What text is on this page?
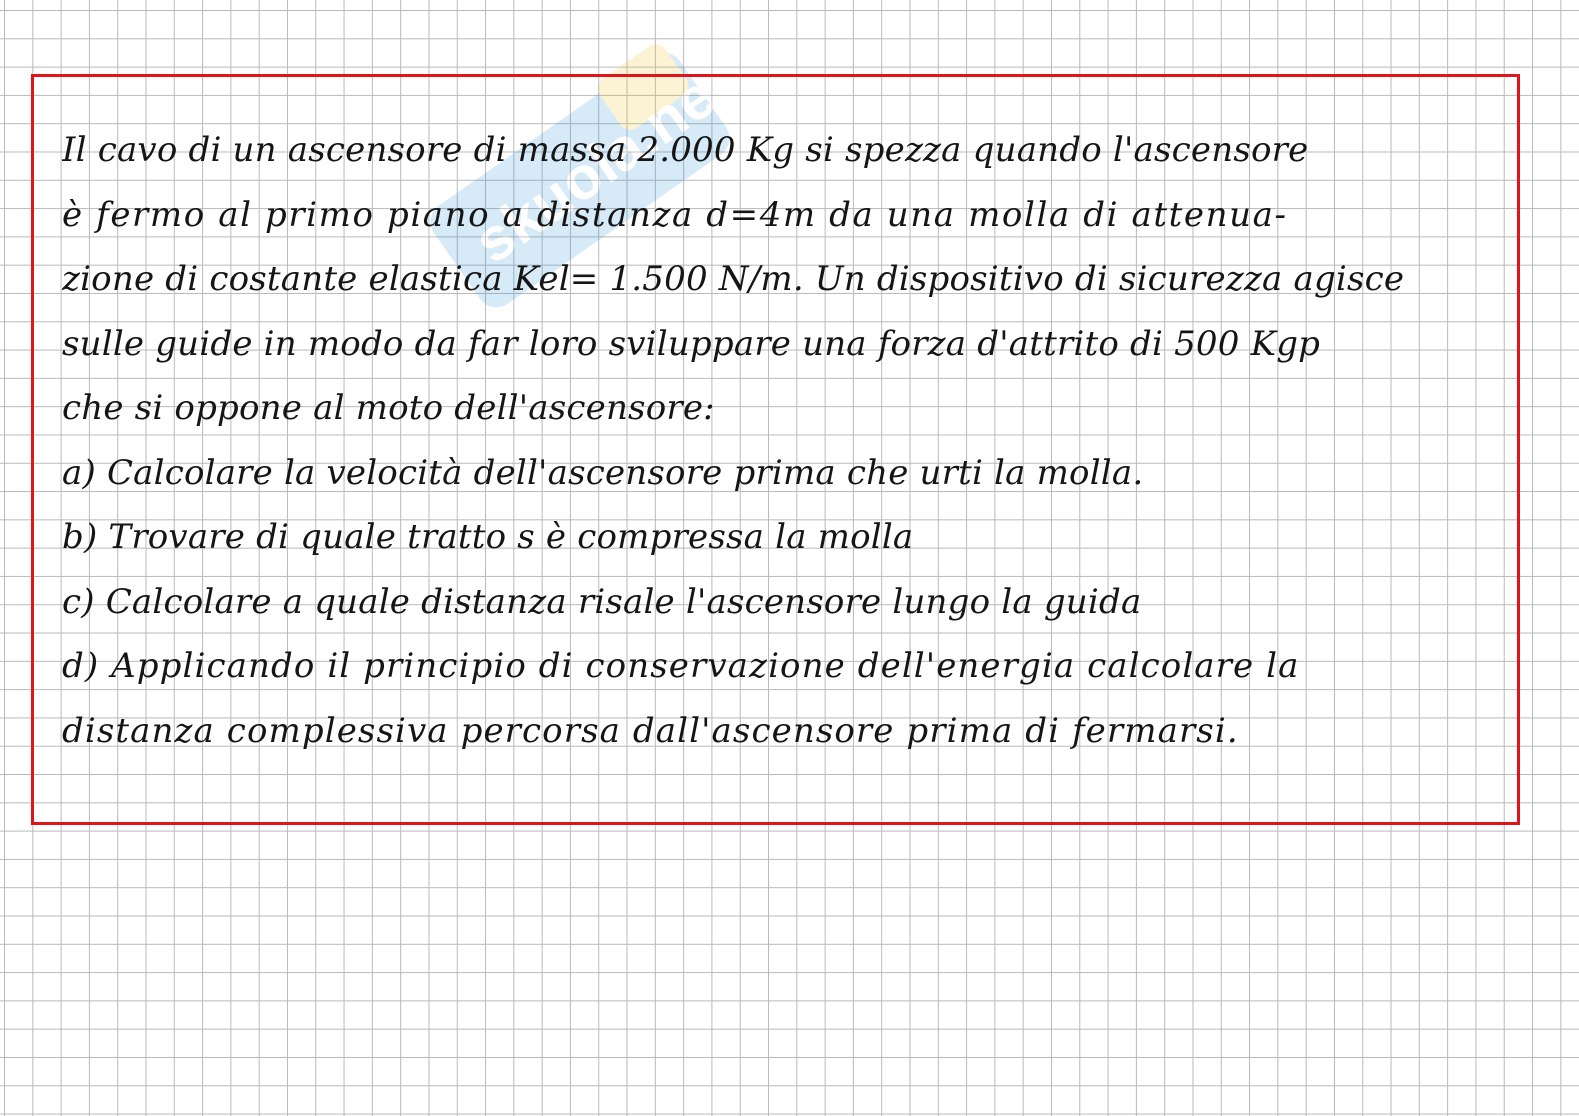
skuola.net
Il cavo di un ascensore di massa 2.000 Kg si spezza quando l'ascensore
è fermo al primo piano a distanza d=4m da una molla di attenua-
zione di costante elastica Kel= 1.500 N/m. Un dispositivo di sicurezza agisce
sulle guide in modo da far loro sviluppare una forza d'attrito di 500 Kgp
che si oppone al moto dell'ascensore:
a) Calcolare la velocità dell'ascensore prima che urti la molla.
b) Trovare di quale tratto s è compressa la molla
c) Calcolare a quale distanza risale l'ascensore lungo la guida
d) Applicando il principio di conservazione dell'energia calcolare la
distanza complessiva percorsa dall'ascensore prima di fermarsi.
